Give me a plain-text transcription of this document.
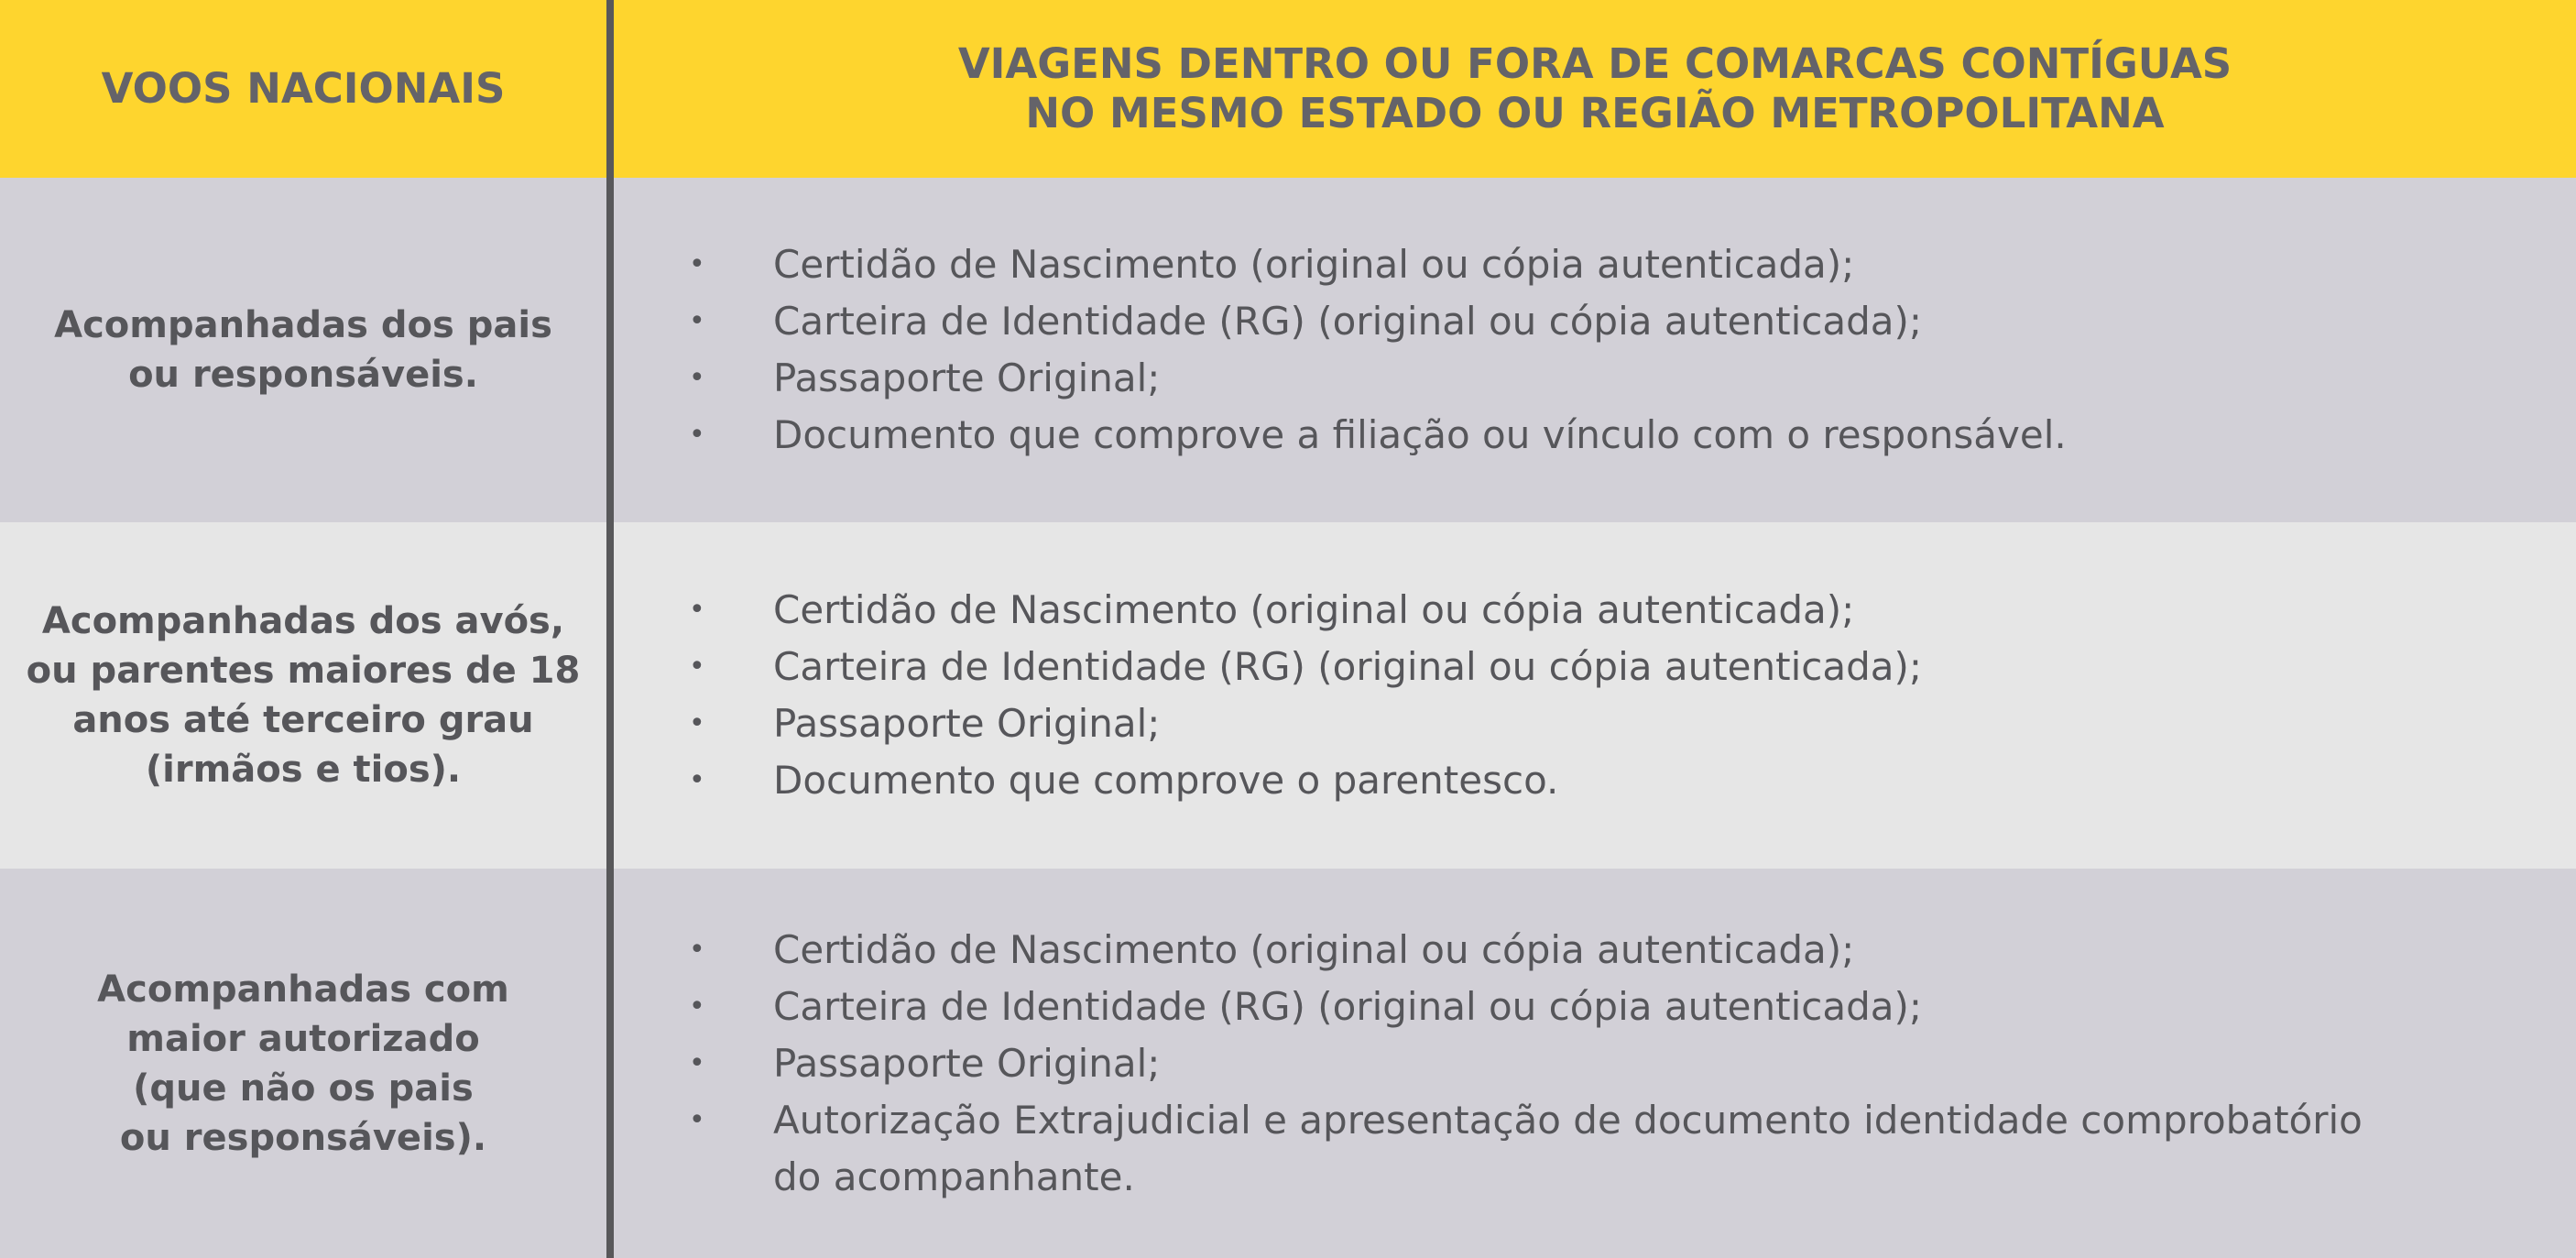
VOOS NACIONAIS
VIAGENS DENTRO OU FORA DE COMARCAS CONTÍGUAS
NO MESMO ESTADO OU REGIÃO METROPOLITANA
Acompanhadas dos pais
ou responsáveis.
• Certidão de Nascimento (original ou cópia autenticada);
• Carteira de Identidade (RG) (original ou cópia autenticada);
• Passaporte Original;
• Documento que comprove a filiação ou vínculo com o responsável.
Acompanhadas dos avós,
ou parentes maiores de 18
anos até terceiro grau
(irmãos e tios).
• Certidão de Nascimento (original ou cópia autenticada);
• Carteira de Identidade (RG) (original ou cópia autenticada);
• Passaporte Original;
• Documento que comprove o parentesco.
Acompanhadas com
maior autorizado
(que não os pais
ou responsáveis).
• Certidão de Nascimento (original ou cópia autenticada);
• Carteira de Identidade (RG) (original ou cópia autenticada);
• Passaporte Original;
• Autorização Extrajudicial e apresentação de documento identidade comprobatório do acompanhante.
